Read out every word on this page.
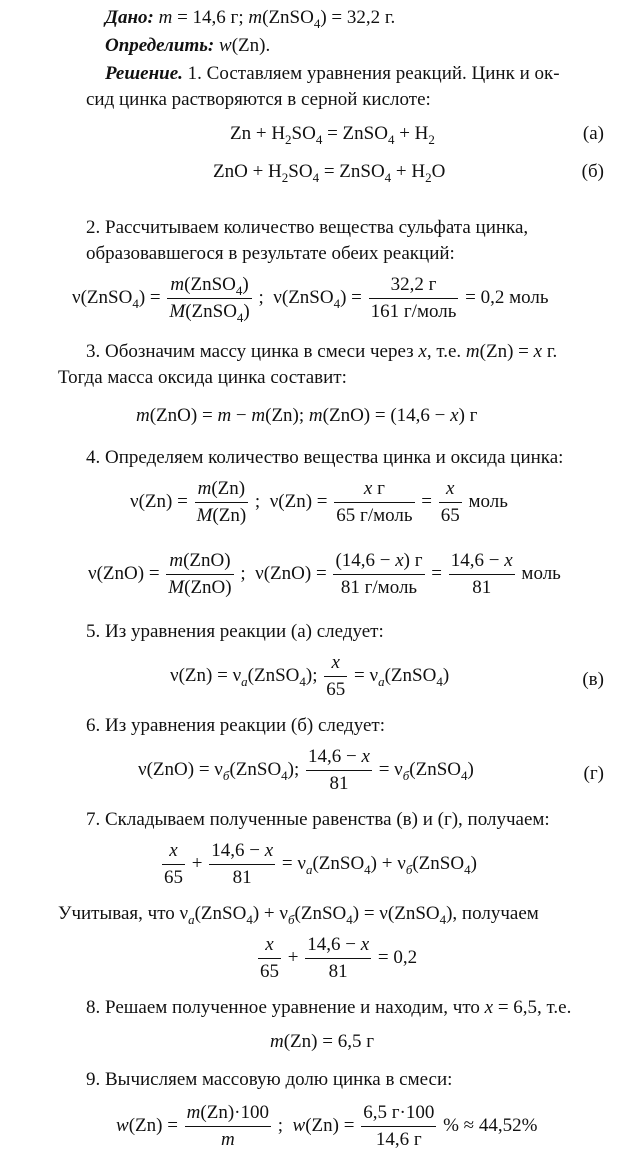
Дано: m = 14,6 г; m(ZnSO$_4$) = 32,2 г.
Определить: w(Zn).
Решение. 1. Составляем уравнения реакций. Цинк и ок-
сид цинка растворяются в серной кислоте:
$Zn + H_2SO_4$ = ZnSO$_4$ + $H_2$	(а)
ZnO + $H_2SO_4$ = ZnSO$_4$ + $H_2O$	(б)
2. Рассчитываем количество вещества сульфата цинка,
образовавшегося в результате обеих реакций:
ν(ZnSO$_4$) = $\frac{m(ZnSO_4)}{M(ZnSO_4)}$ ;  ν(ZnSO$_4$) = $\frac{32,2 г}{\text{161 г/моль}} = 0,2$ моль
3. Обозначим массу цинка в смеси через x, т.е. m(Zn) = x г.
Тогда масса оксида цинка составит:
m(ZnO) = m − m(Zn); m(ZnO) = (14,6 − x) г
4. Определяем количество вещества цинка и оксида цинка:
$\nu(Zn) = \frac{m(Zn)}{M(Zn)}$ ;  $\nu(Zn) = \frac{\text{x г}}{\text{65 г/моль}} = \frac{x}{65}$ моль
$\nu(ZnO) = \frac{\text{m(ZnO)}}{\text{M(ZnO)}}$ ;  $\nu(ZnO) = \frac{(14,6 - x) г}{\text{81 г/моль}} = \frac{14,6 - x}{81}$ моль
5. Из уравнения реакции (а) следует:
$\nu(Zn) = \nu_a(ZnSO_4)$; $\frac{x}{65}$ = $\nu_a(ZnSO_4)$	(в)
6. Из уравнения реакции (б) следует:
$\nu(ZnO) = \nu_б(ZnSO_4)$; $\frac{14,6 - x}{81}$ = $\nu_б(ZnSO_4)$	(г)
7. Складываем полученные равенства (в) и (г), получаем:
$\frac{x}{65} + \frac{14,6 - x}{81}$ = $\nu_a(ZnSO_4)$ + $\nu_б(ZnSO_4)$
Учитывая, что $\nu_a(ZnSO_4)$ + $\nu_б(ZnSO_4)$ = ν(ZnSO$_4$), получаем
$\frac{x}{65} + \frac{14,6 - x}{81} = 0,2$
8. Решаем полученное уравнение и находим, что x = 6,5, т.е.
m(Zn) = 6,5 г
9. Вычисляем массовую долю цинка в смеси:
$w(Zn) = \frac{m(Zn)\cdot 100}{m}$ ;  $w(Zn) = \frac{6,5 г\cdot 100}{14,6 г}$ % ≈ 44,52%
